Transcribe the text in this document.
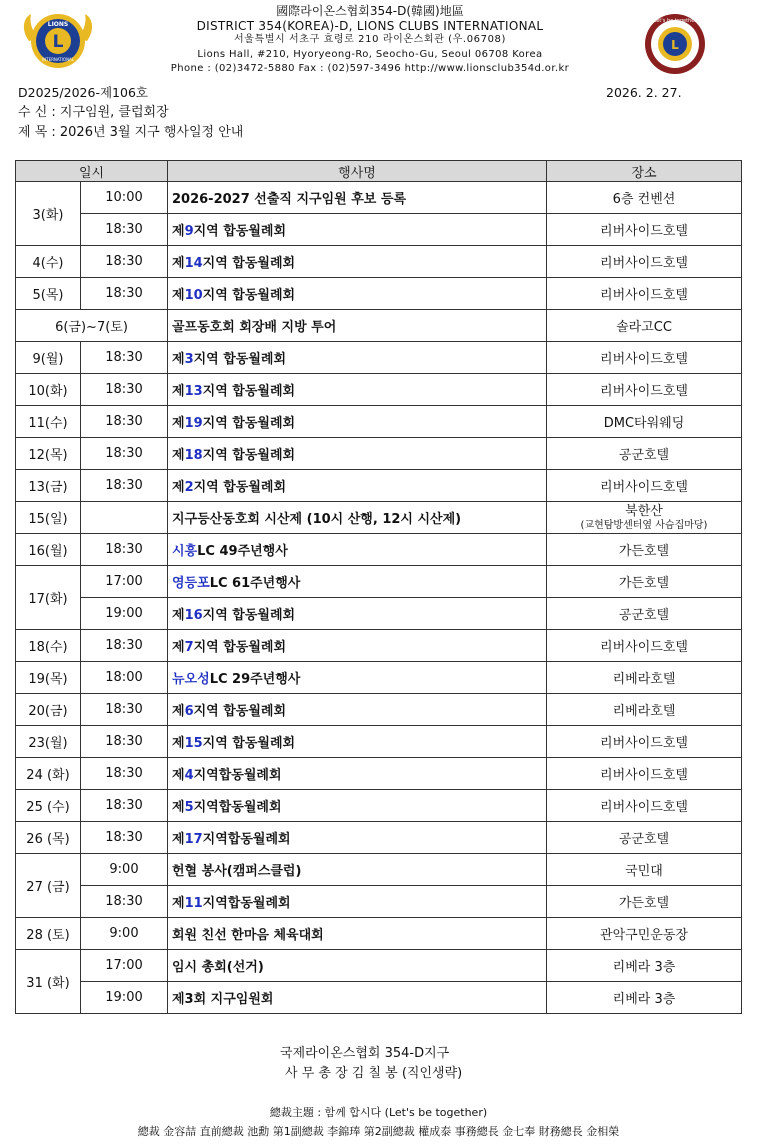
L
LIONS
INTERNATIONAL
國際라이온스협회354-D(韓國)地區
DISTRICT 354(KOREA)-D, LIONS CLUBS INTERNATIONAL
서울특별시 서초구 효령로 210 라이온스회관 (우.06708)
Lions Hall, #210, Hyoryeong-Ro, Seocho-Gu, Seoul 06708 Korea
Phone : (02)3472-5880 Fax : (02)597-3496 http://www.lionsclub354d.or.kr
L
Let's be together
D2025/2026-제106호	2026. 2. 27.
수 신 : 지구임원, 클럽회장
제 목 : 2026년 3월 지구 행사일정 안내
일시		행사명	장소
3(화)	10:00	2026-2027 선출직 지구임원 후보 등록	6층 컨벤션
	18:30	제9지역 합동월례회	리버사이드호텔
4(수)	18:30	제14지역 합동월례회	리버사이드호텔
5(목)	18:30	제10지역 합동월례회	리버사이드호텔
6(금)~7(토)		골프동호회 회장배 지방 투어	솔라고CC
9(월)	18:30	제3지역 합동월례회	리버사이드호텔
10(화)	18:30	제13지역 합동월례회	리버사이드호텔
11(수)	18:30	제19지역 합동월례회	DMC타워웨딩
12(목)	18:30	제18지역 합동월례회	공군호텔
13(금)	18:30	제2지역 합동월례회	리버사이드호텔
15(일)		지구등산동호회 시산제 (10시 산행, 12시 시산제)	북한산
(교현탐방센터옆 사슴집마당)

16(월)	18:30	시흥LC 49주년행사	가든호텔
17(화)	17:00	영등포LC 61주년행사	가든호텔
	19:00	제16지역 합동월례회	공군호텔
18(수)	18:30	제7지역 합동월례회	리버사이드호텔
19(목)	18:00	뉴오성LC 29주년행사	리베라호텔
20(금)	18:30	제6지역 합동월례회	리베라호텔
23(월)	18:30	제15지역 합동월례회	리버사이드호텔
24 (화)	18:30	제4지역합동월례회	리버사이드호텔
25 (수)	18:30	제5지역합동월례회	리버사이드호텔
26 (목)	18:30	제17지역합동월례회	공군호텔
27 (금)	9:00	헌혈 봉사(캠퍼스클럽)	국민대
	18:30	제11지역합동월례회	가든호텔
28 (토)	9:00	회원 친선 한마음 체육대회	관악구민운동장
31 (화)	17:00	임시 총회(선거)	리베라 3층
	19:00	제3회 지구임원회	리베라 3층
국제라이온스협회 354-D지구
사 무 총 장 김 칠 봉 (직인생략)
總裁主題 : 함께 합시다 (Let's be together)
總裁 金容喆 直前總裁 池勳 第1副總裁 李錦琫 第2副總裁 權成泰 事務總長 金七奉 財務總長 金相榮
